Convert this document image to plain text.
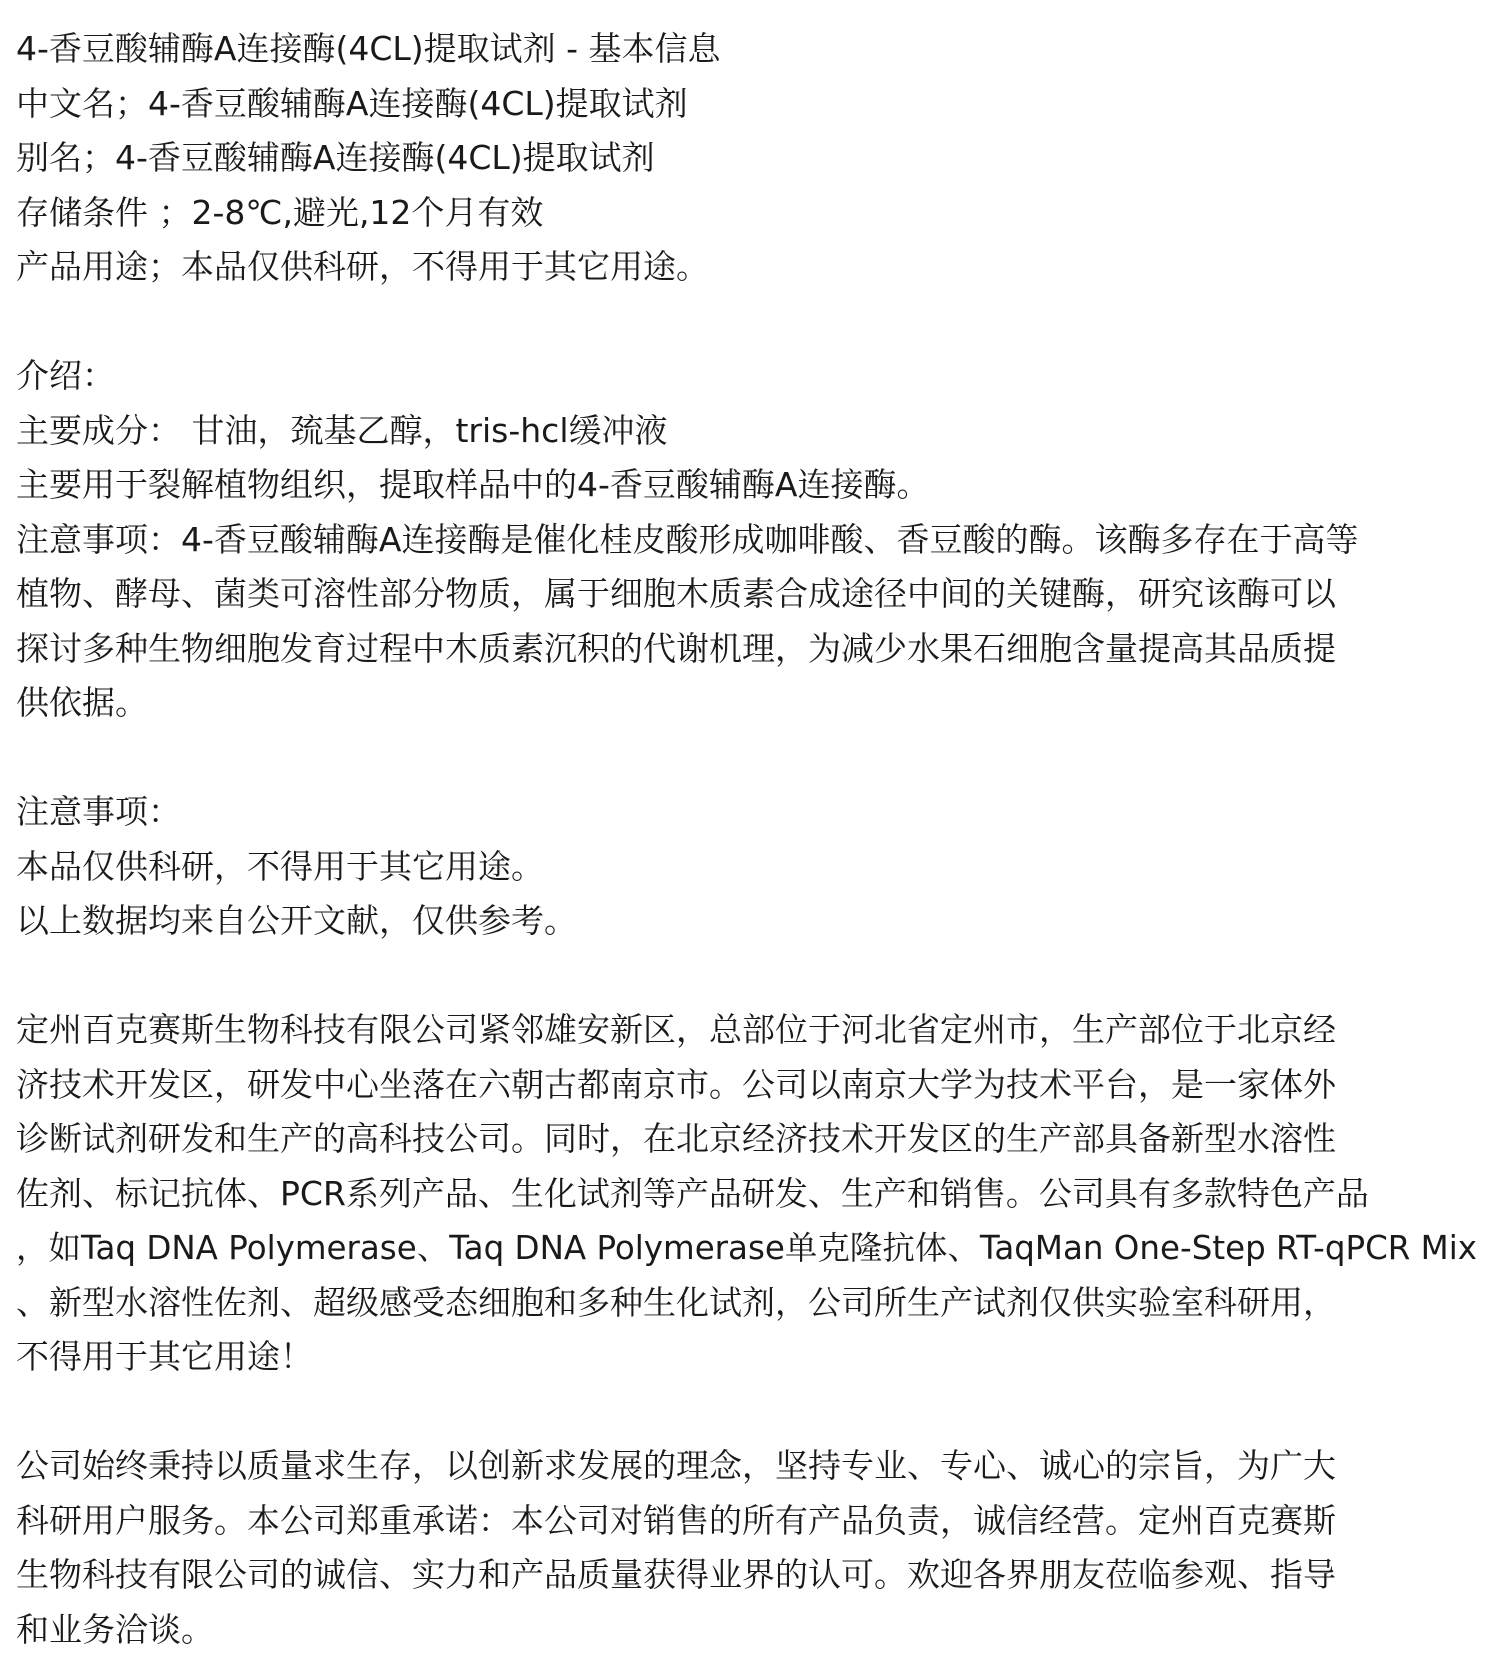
4-香豆酸辅酶A连接酶(4CL)提取试剂 - 基本信息
中文名；4-香豆酸辅酶A连接酶(4CL)提取试剂
别名；4-香豆酸辅酶A连接酶(4CL)提取试剂
存储条件 ；2-8℃,避光,12个月有效
产品用途；本品仅供科研，不得用于其它用途。
介绍：
主要成分： 甘油，巯基乙醇，tris-hcl缓冲液
主要用于裂解植物组织，提取样品中的4-香豆酸辅酶A连接酶。
注意事项：4-香豆酸辅酶A连接酶是催化桂皮酸形成咖啡酸、香豆酸的酶。该酶多存在于高等
植物、酵母、菌类可溶性部分物质，属于细胞木质素合成途径中间的关键酶，研究该酶可以
探讨多种生物细胞发育过程中木质素沉积的代谢机理，为减少水果石细胞含量提高其品质提
供依据。
注意事项：
本品仅供科研，不得用于其它用途。
以上数据均来自公开文献，仅供参考。
定州百克赛斯生物科技有限公司紧邻雄安新区，总部位于河北省定州市，生产部位于北京经
济技术开发区，研发中心坐落在六朝古都南京市。公司以南京大学为技术平台，是一家体外
诊断试剂研发和生产的高科技公司。同时，在北京经济技术开发区的生产部具备新型水溶性
佐剂、标记抗体、PCR系列产品、生化试剂等产品研发、生产和销售。公司具有多款特色产品
，如Taq DNA Polymerase、Taq DNA Polymerase单克隆抗体、TaqMan One-Step RT-qPCR Mix
、新型水溶性佐剂、超级感受态细胞和多种生化试剂，公司所生产试剂仅供实验室科研用，
不得用于其它用途！
公司始终秉持以质量求生存，以创新求发展的理念，坚持专业、专心、诚心的宗旨，为广大
科研用户服务。本公司郑重承诺：本公司对销售的所有产品负责，诚信经营。定州百克赛斯
生物科技有限公司的诚信、实力和产品质量获得业界的认可。欢迎各界朋友莅临参观、指导
和业务洽谈。
